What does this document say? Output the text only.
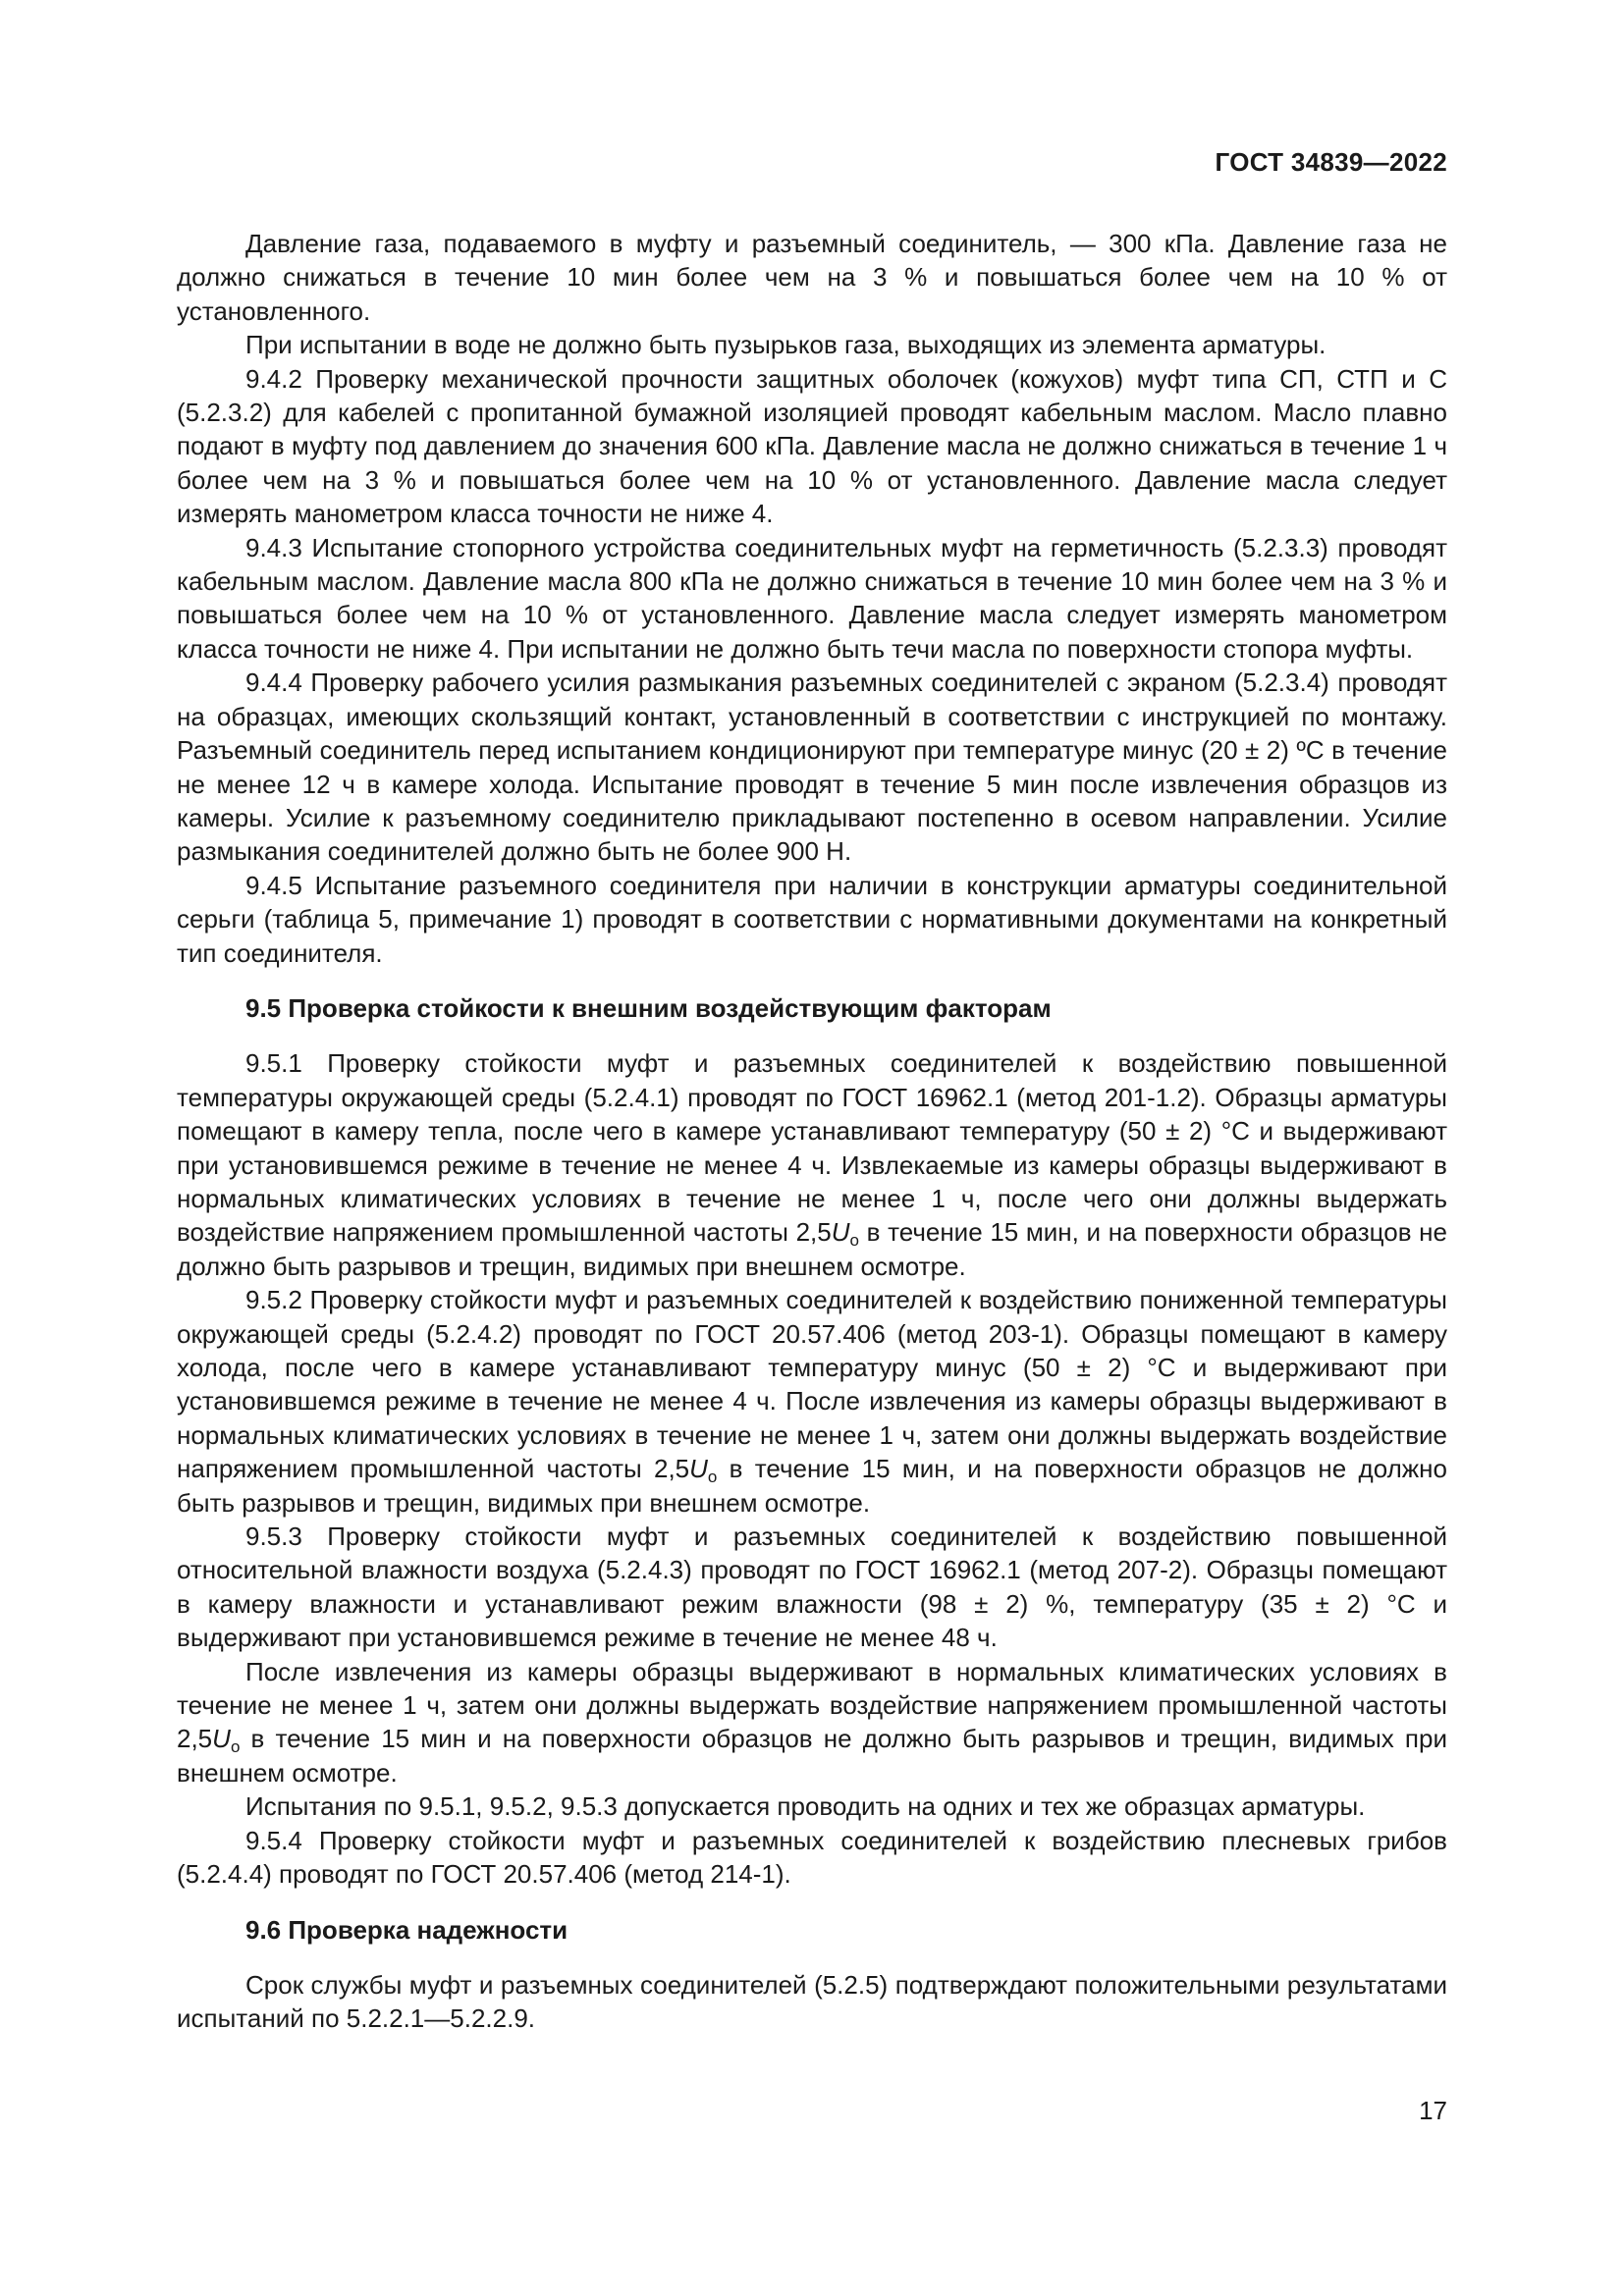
ГОСТ 34839—2022

Давление газа, подаваемого в муфту и разъемный соединитель, — 300 кПа. Давление газа не должно снижаться в течение 10 мин более чем на 3 % и повышаться более чем на 10 % от установленного.

При испытании в воде не должно быть пузырьков газа, выходящих из элемента арматуры.

9.4.2 Проверку механической прочности защитных оболочек (кожухов) муфт типа СП, СТП и С (5.2.3.2) для кабелей с пропитанной бумажной изоляцией проводят кабельным маслом. Масло плавно подают в муфту под давлением до значения 600 кПа. Давление масла не должно снижаться в течение 1 ч более чем на 3 % и повышаться более чем на 10 % от установленного. Давление масла следует измерять манометром класса точности не ниже 4.

9.4.3 Испытание стопорного устройства соединительных муфт на герметичность (5.2.3.3) проводят кабельным маслом. Давление масла 800 кПа не должно снижаться в течение 10 мин более чем на 3 % и повышаться более чем на 10 % от установленного. Давление масла следует измерять манометром класса точности не ниже 4. При испытании не должно быть течи масла по поверхности стопора муфты.

9.4.4 Проверку рабочего усилия размыкания разъемных соединителей с экраном (5.2.3.4) проводят на образцах, имеющих скользящий контакт, установленный в соответствии с инструкцией по монтажу. Разъемный соединитель перед испытанием кондиционируют при температуре минус (20 ± 2) ºС в течение не менее 12 ч в камере холода. Испытание проводят в течение 5 мин после извлечения образцов из камеры. Усилие к разъемному соединителю прикладывают постепенно в осевом направлении. Усилие размыкания соединителей должно быть не более 900 Н.

9.4.5 Испытание разъемного соединителя при наличии в конструкции арматуры соединительной серьги (таблица 5, примечание 1) проводят в соответствии с нормативными документами на конкретный тип соединителя.

9.5 Проверка стойкости к внешним воздействующим факторам

9.5.1 Проверку стойкости муфт и разъемных соединителей к воздействию повышенной температуры окружающей среды (5.2.4.1) проводят по ГОСТ 16962.1 (метод 201-1.2). Образцы арматуры помещают в камеру тепла, после чего в камере устанавливают температуру (50 ± 2) °С и выдерживают при установившемся режиме в течение не менее 4 ч. Извлекаемые из камеры образцы выдерживают в нормальных климатических условиях в течение не менее 1 ч, после чего они должны выдержать воздействие напряжением промышленной частоты 2,5Uo в течение 15 мин, и на поверхности образцов не должно быть разрывов и трещин, видимых при внешнем осмотре.

9.5.2 Проверку стойкости муфт и разъемных соединителей к воздействию пониженной температуры окружающей среды (5.2.4.2) проводят по ГОСТ 20.57.406 (метод 203-1). Образцы помещают в камеру холода, после чего в камере устанавливают температуру минус (50 ± 2) °С и выдерживают при установившемся режиме в течение не менее 4 ч. После извлечения из камеры образцы выдерживают в нормальных климатических условиях в течение не менее 1 ч, затем они должны выдержать воздействие напряжением промышленной частоты 2,5Uo в течение 15 мин, и на поверхности образцов не должно быть разрывов и трещин, видимых при внешнем осмотре.

9.5.3 Проверку стойкости муфт и разъемных соединителей к воздействию повышенной относительной влажности воздуха (5.2.4.3) проводят по ГОСТ 16962.1 (метод 207-2). Образцы помещают в камеру влажности и устанавливают режим влажности (98 ± 2) %, температуру (35 ± 2) °С и выдерживают при установившемся режиме в течение не менее 48 ч.

После извлечения из камеры образцы выдерживают в нормальных климатических условиях в течение не менее 1 ч, затем они должны выдержать воздействие напряжением промышленной частоты 2,5Uo в течение 15 мин и на поверхности образцов не должно быть разрывов и трещин, видимых при внешнем осмотре.

Испытания по 9.5.1, 9.5.2, 9.5.3 допускается проводить на одних и тех же образцах арматуры.

9.5.4 Проверку стойкости муфт и разъемных соединителей к воздействию плесневых грибов (5.2.4.4) проводят по ГОСТ 20.57.406 (метод 214-1).

9.6 Проверка надежности

Срок службы муфт и разъемных соединителей (5.2.5) подтверждают положительными результатами испытаний по 5.2.2.1—5.2.2.9.

17
